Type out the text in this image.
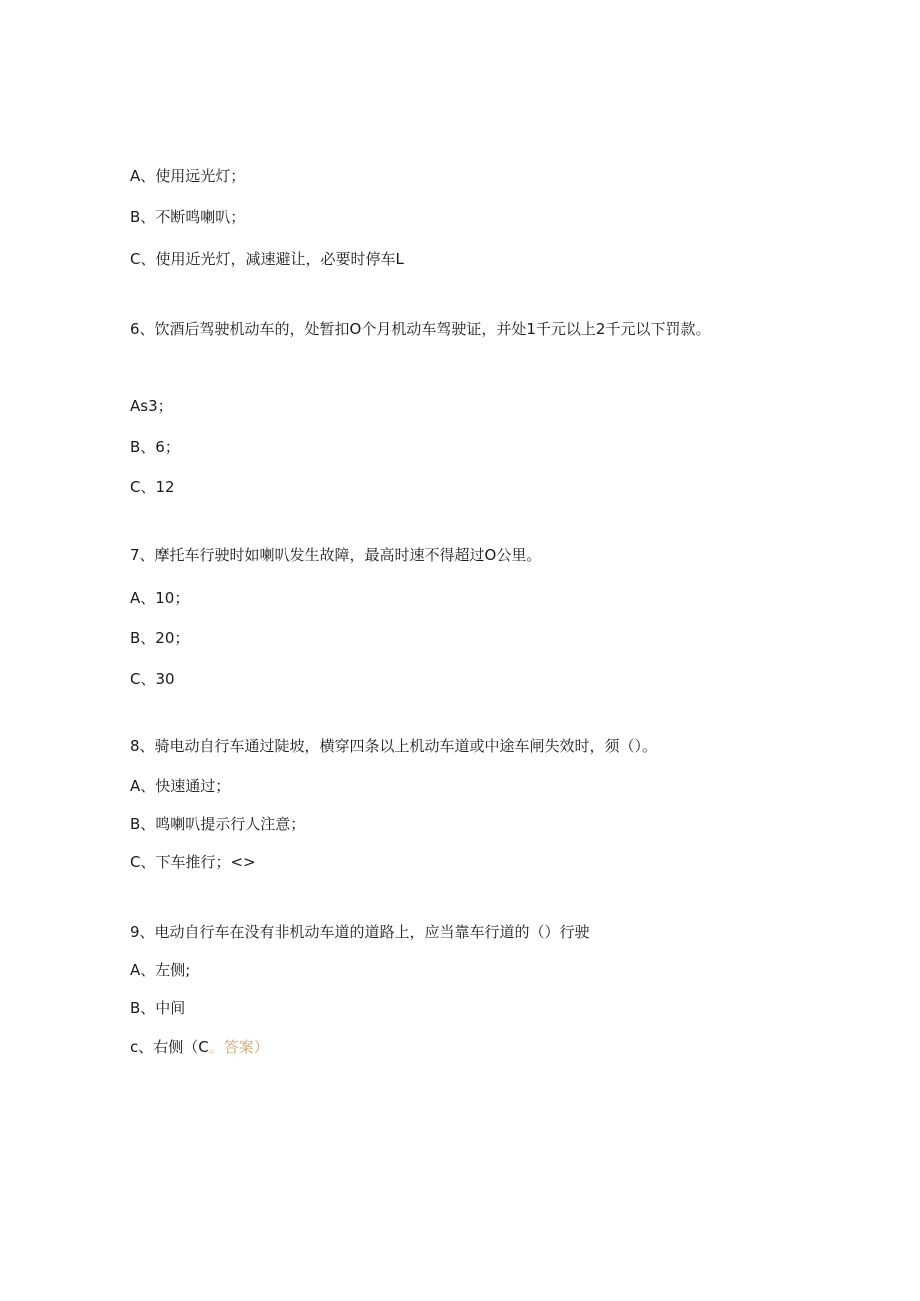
A、使用远光灯；
B、不断鸣喇叭；
C、使用近光灯，减速避让，必要时停车L
6、饮酒后驾驶机动车的，处暂扣O个月机动车驾驶证，并处1千元以上2千元以下罚款。
As3；
B、6；
C、12
7、摩托车行驶时如喇叭发生故障，最高时速不得超过O公里。
A、10；
B、20；
C、30
8、骑电动自行车通过陡坡，横穿四条以上机动车道或中途车闸失效时，须（）。
A、快速通过；
B、鸣喇叭提示行人注意；
C、下车推行；<>
9、电动自行车在没有非机动车道的道路上，应当靠车行道的（）行驶
A、左侧;
B、中间
c、右侧（C。答案）
